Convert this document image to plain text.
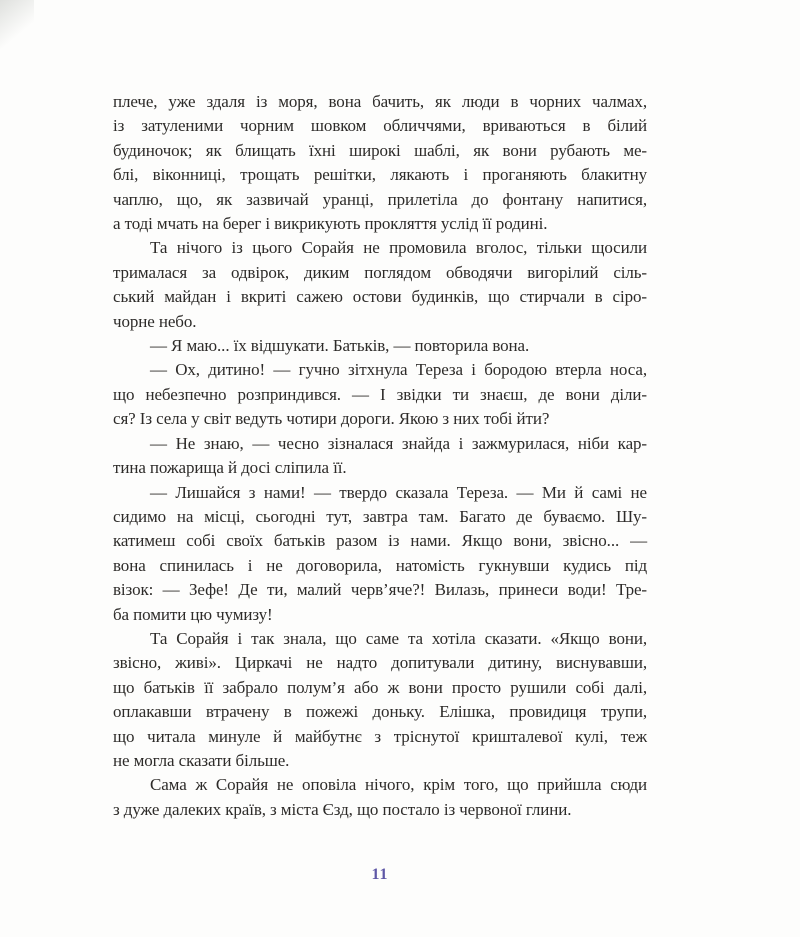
плече, уже здаля із моря, вона бачить, як люди в чорних чалмах,
із затуленими чорним шовком обличчями, вриваються в білий
будиночок; як блищать їхні широкі шаблі, як вони рубають ме-
блі, віконниці, трощать решітки, лякають і проганяють блакитну
чаплю, що, як зазвичай уранці, прилетіла до фонтану напитися,
а тоді мчать на берег і викрикують прокляття услід її родині.
Та нічого із цього Сорайя не промовила вголос, тільки щосили
трималася за одвірок, диким поглядом обводячи вигорілий сіль-
ський майдан і вкриті сажею остови будинків, що стирчали в сіро-
чорне небо.
— Я маю... їх відшукати. Батьків, — повторила вона.
— Ох, дитино! — гучно зітхнула Тереза і бородою втерла носа,
що небезпечно розприндився. — І звідки ти знаєш, де вони діли-
ся? Із села у світ ведуть чотири дороги. Якою з них тобі йти?
— Не знаю, — чесно зізналася знайда і зажмурилася, ніби кар-
тина пожарища й досі сліпила її.
— Лишайся з нами! — твердо сказала Тереза. — Ми й самі не
сидимо на місці, сьогодні тут, завтра там. Багато де буваємо. Шу-
катимеш собі своїх батьків разом із нами. Якщо вони, звісно... —
вона спинилась і не договорила, натомість гукнувши кудись під
візок: — Зефе! Де ти, малий черв’яче?! Вилазь, принеси води! Тре-
ба помити цю чумизу!
Та Сорайя і так знала, що саме та хотіла сказати. «Якщо вони,
звісно, живі». Циркачі не надто допитували дитину, виснувавши,
що батьків її забрало полум’я або ж вони просто рушили собі далі,
оплакавши втрачену в пожежі доньку. Елішка, провидиця трупи,
що читала минуле й майбутнє з тріснутої кришталевої кулі, теж
не могла сказати більше.
Сама ж Сорайя не оповіла нічого, крім того, що прийшла сюди
з дуже далеких країв, з міста Єзд, що постало із червоної глини.
11
